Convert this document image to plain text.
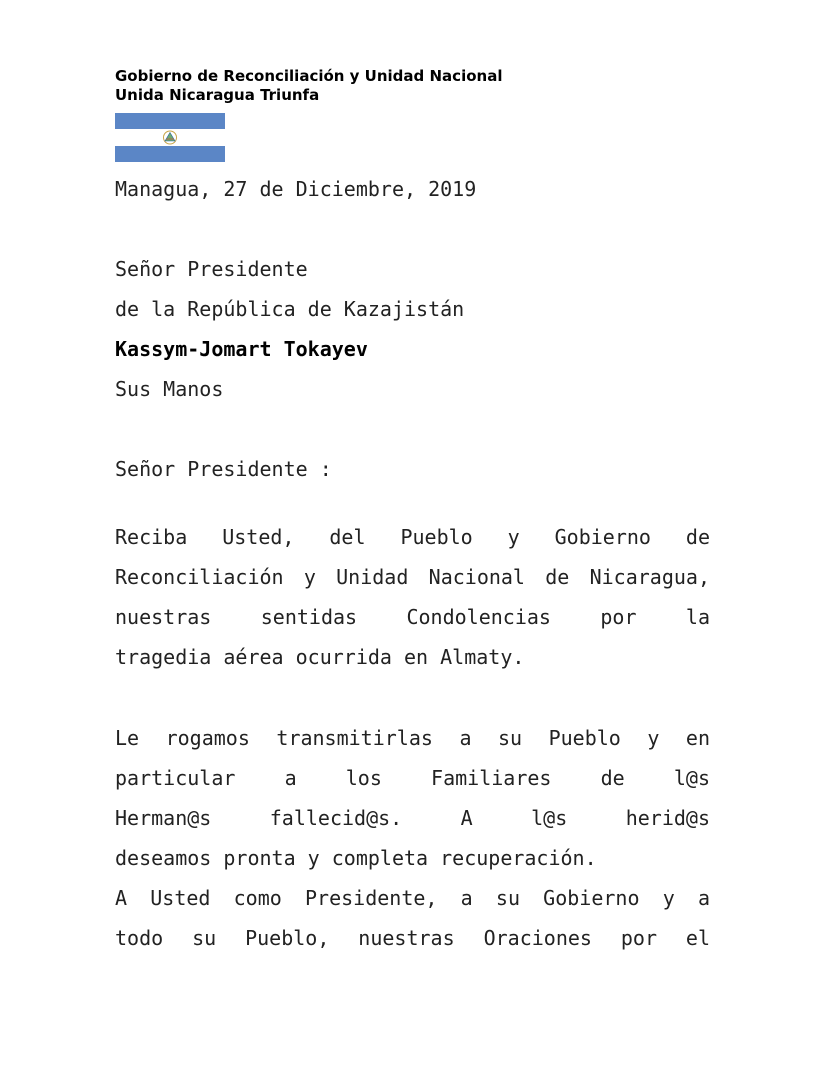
Gobierno de Reconciliación y Unidad Nacional
Unida Nicaragua Triunfa
Managua, 27 de Diciembre, 2019
Señor Presidente
de la República de Kazajistán
Kassym-Jomart Tokayev
Sus Manos
Señor Presidente :
Reciba Usted, del Pueblo y Gobierno de
Reconciliación y Unidad Nacional de Nicaragua,
nuestras sentidas Condolencias por la
tragedia aérea ocurrida en Almaty.
Le rogamos transmitirlas a su Pueblo y en
particular a los Familiares de l@s
Herman@s fallecid@s. A l@s herid@s
deseamos pronta y completa recuperación.
A Usted como Presidente, a su Gobierno y a
todo su Pueblo, nuestras Oraciones por el
